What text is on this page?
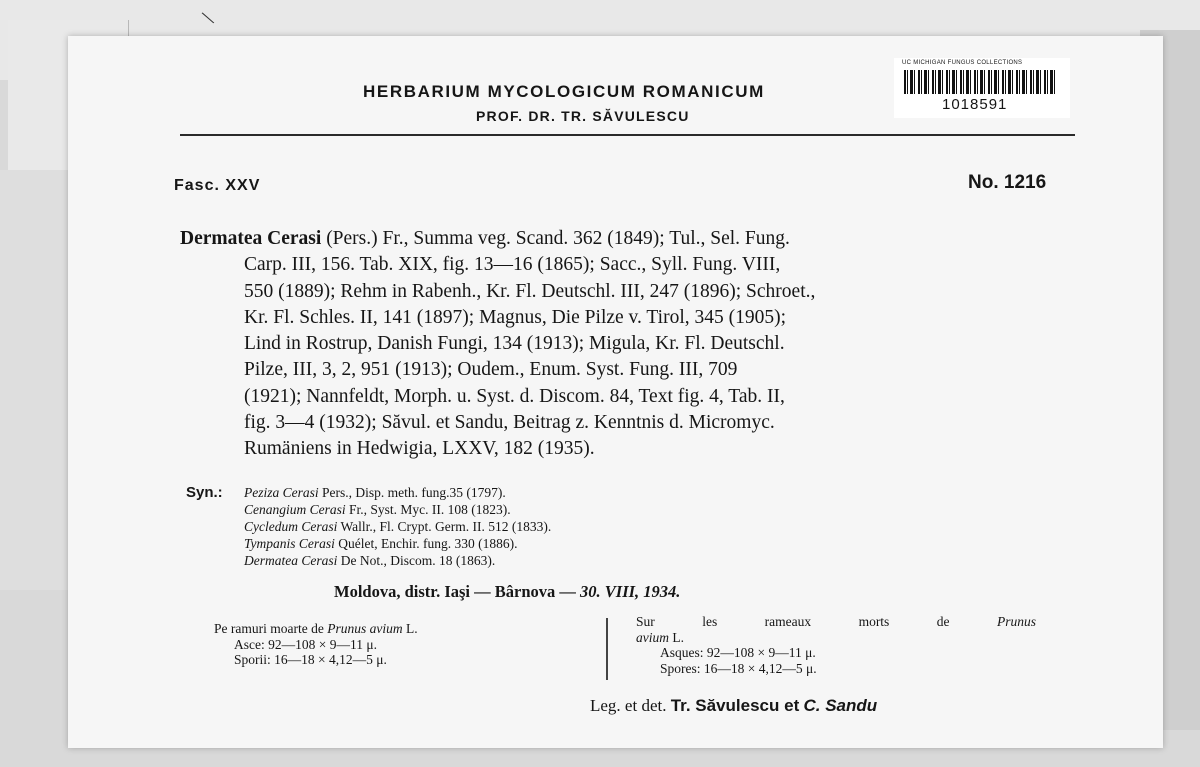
\
HERBARIUM MYCOLOGICUM ROMANICUM
PROF. DR. TR. SĂVULESCU
UC MICHIGAN FUNGUS COLLECTIONS
1018591
Fasc. XXV	No. 1216

Dermatea Cerasi (Pers.) Fr., Summa veg. Scand. 362 (1849); Tul., Sel. Fung.

Carp. III, 156. Tab. XIX, fig. 13—16 (1865); Sacc., Syll. Fung. VIII,

550 (1889); Rehm in Rabenh., Kr. Fl. Deutschl. III, 247 (1896); Schroet.,

Kr. Fl. Schles. II, 141 (1897); Magnus, Die Pilze v. Tirol, 345 (1905);

Lind in Rostrup, Danish Fungi, 134 (1913); Migula, Kr. Fl. Deutschl.

Pilze, III, 3, 2, 951 (1913); Oudem., Enum. Syst. Fung. III, 709

(1921); Nannfeldt, Morph. u. Syst. d. Discom. 84, Text fig. 4, Tab. II,

fig. 3—4 (1932); Săvul. et Sandu, Beitrag z. Kenntnis d. Micromyc.

Rumäniens in Hedwigia, LXXV, 182 (1935).

Syn.: Peziza Cerasi Pers., Disp. meth. fung.35 (1797).
Cenangium Cerasi Fr., Syst. Myc. II. 108 (1823).
Cycledum Cerasi Wallr., Fl. Crypt. Germ. II. 512 (1833).
Tympanis Cerasi Quélet, Enchir. fung. 330 (1886).
Dermatea Cerasi De Not., Discom. 18 (1863).
Moldova, distr. Iaşi — Bârnova — 30. VIII, 1934.
Pe ramuri moarte de Prunus avium L.
Asce: 92—108 × 9—11 μ.
Sporii: 16—18 × 4,12—5 μ.
Sur	les	rameaux	morts	de	Prunus
avium L.
Asques: 92—108 × 9—11 μ.
Spores: 16—18 × 4,12—5 μ.
Leg. et det. Tr. Săvulescu et C. Sandu
